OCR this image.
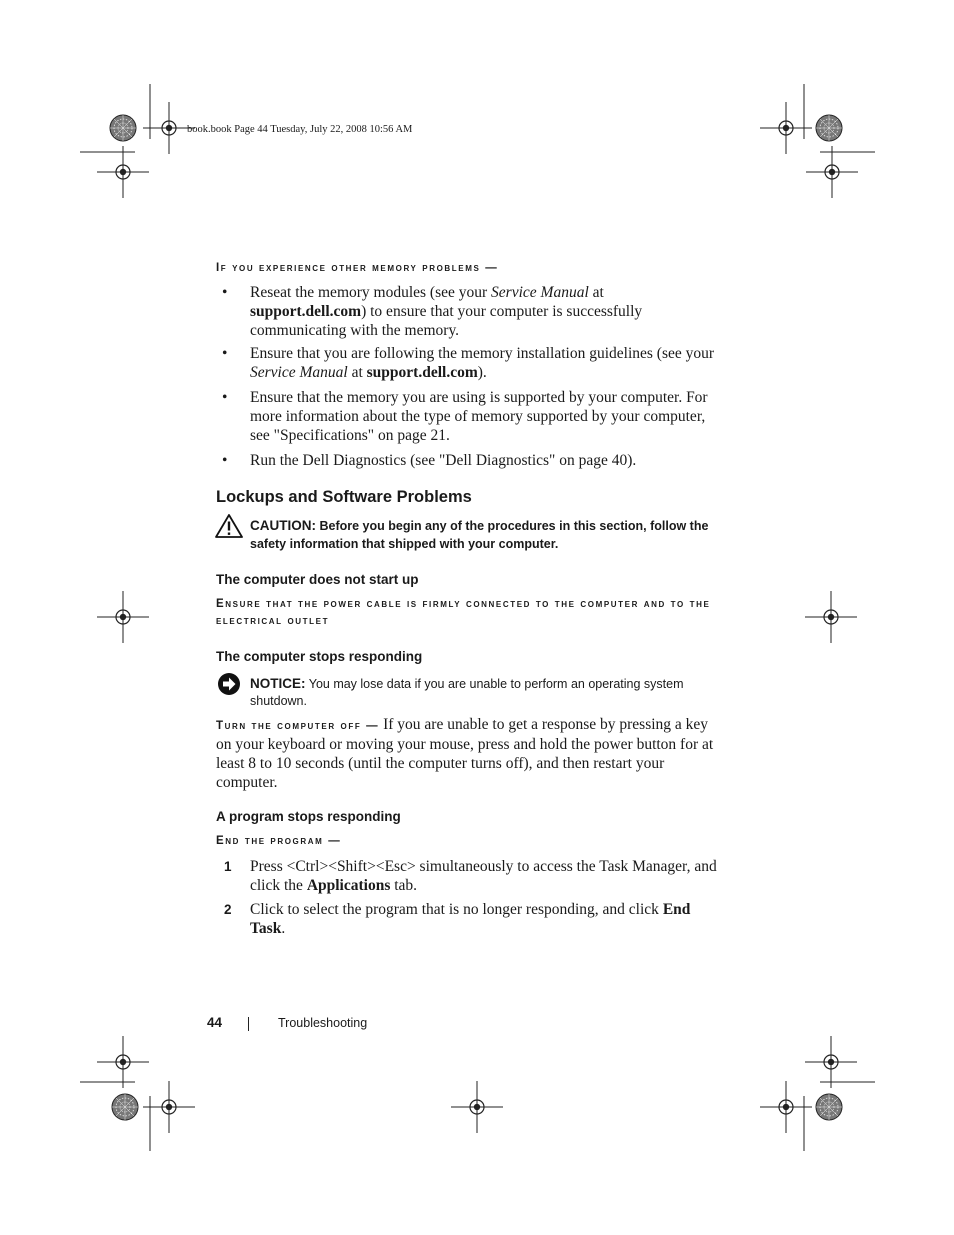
book.book Page 44 Tuesday, July 22, 2008 10:56 AM
If you experience other memory problems —
•	Reseat the memory modules (see your Service Manual at support.dell.com) to ensure that your computer is successfully communicating with the memory.
•	Ensure that you are following the memory installation guidelines (see your Service Manual at support.dell.com).
•	Ensure that the memory you are using is supported by your computer. For more information about the type of memory supported by your computer, see "Specifications" on page 21.
•	Run the Dell Diagnostics (see "Dell Diagnostics" on page 40).
Lockups and Software Problems
CAUTION: Before you begin any of the procedures in this section, follow the safety information that shipped with your computer.
The computer does not start up
Ensure that the power cable is firmly connected to the computer and to the electrical outlet
The computer stops responding
NOTICE: You may lose data if you are unable to perform an operating system shutdown.
Turn the computer off — If you are unable to get a response by pressing a key on your keyboard or moving your mouse, press and hold the power button for at least 8 to 10 seconds (until the computer turns off), and then restart your computer.
A program stops responding
End the program —
1 Press <Ctrl><Shift><Esc> simultaneously to access the Task Manager, and click the Applications tab.
2 Click to select the program that is no longer responding, and click End Task.
44	Troubleshooting
